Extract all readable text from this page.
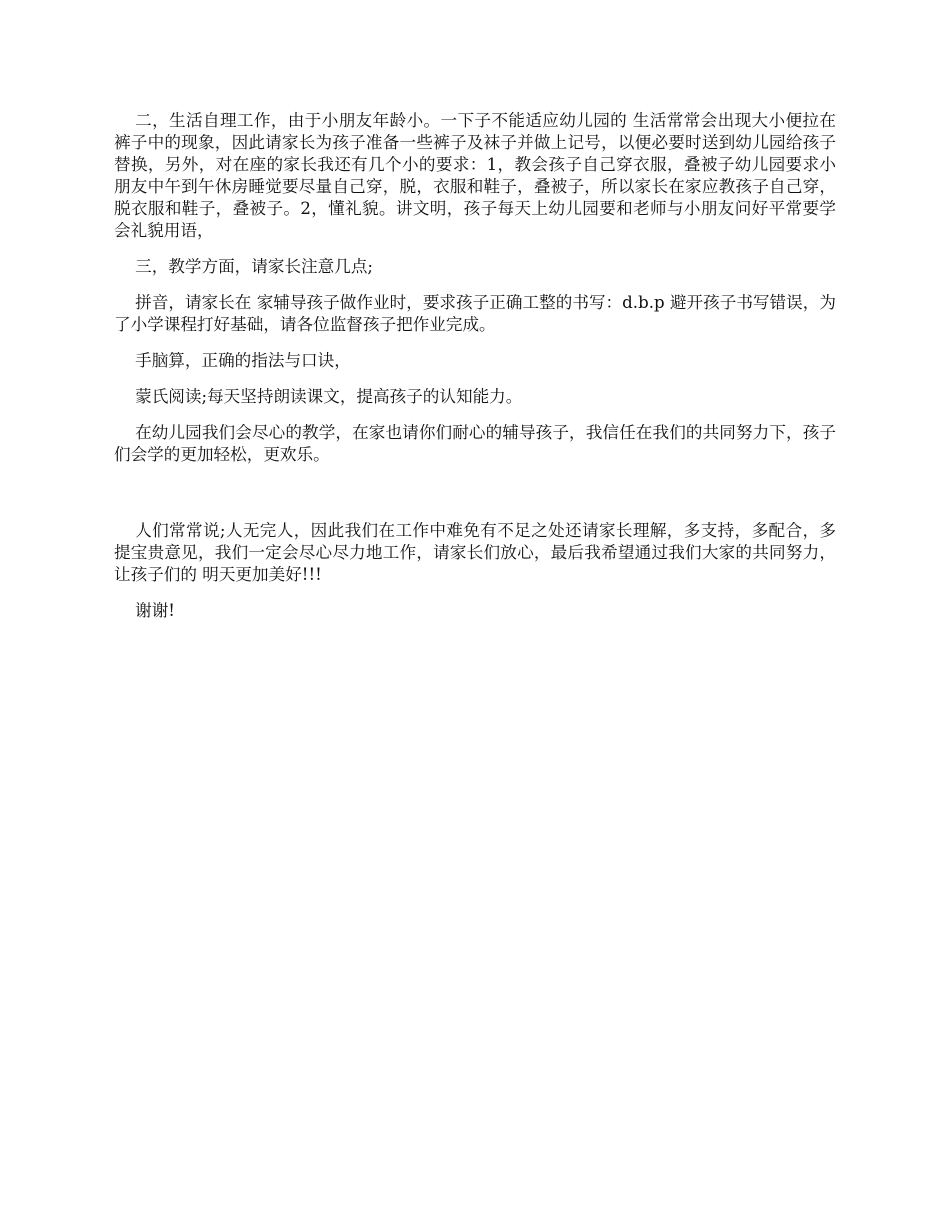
二，生活自理工作，由于小朋友年龄小。一下子不能适应幼儿园的 生活常常会出现大小便拉在裤子中的现象，因此请家长为孩子准备一些裤子及袜子并做上记号，以便必要时送到幼儿园给孩子替换，另外，对在座的家长我还有几个小的要求：1，教会孩子自己穿衣服，叠被子幼儿园要求小朋友中午到午休房睡觉要尽量自己穿，脱，衣服和鞋子，叠被子，所以家长在家应教孩子自己穿，脱衣服和鞋子，叠被子。2，懂礼貌。讲文明，孩子每天上幼儿园要和老师与小朋友问好平常要学会礼貌用语，

三，教学方面，请家长注意几点;

拼音，请家长在 家辅导孩子做作业时，要求孩子正确工整的书写：d.b.p 避开孩子书写错误，为了小学课程打好基础，请各位监督孩子把作业完成。

手脑算，正确的指法与口诀，

蒙氏阅读;每天坚持朗读课文，提高孩子的认知能力。

在幼儿园我们会尽心的教学，在家也请你们耐心的辅导孩子，我信任在我们的共同努力下，孩子们会学的更加轻松，更欢乐。

人们常常说;人无完人，因此我们在工作中难免有不足之处还请家长理解，多支持，多配合，多提宝贵意见，我们一定会尽心尽力地工作，请家长们放心，最后我希望通过我们大家的共同努力，让孩子们的 明天更加美好!!!

谢谢!
